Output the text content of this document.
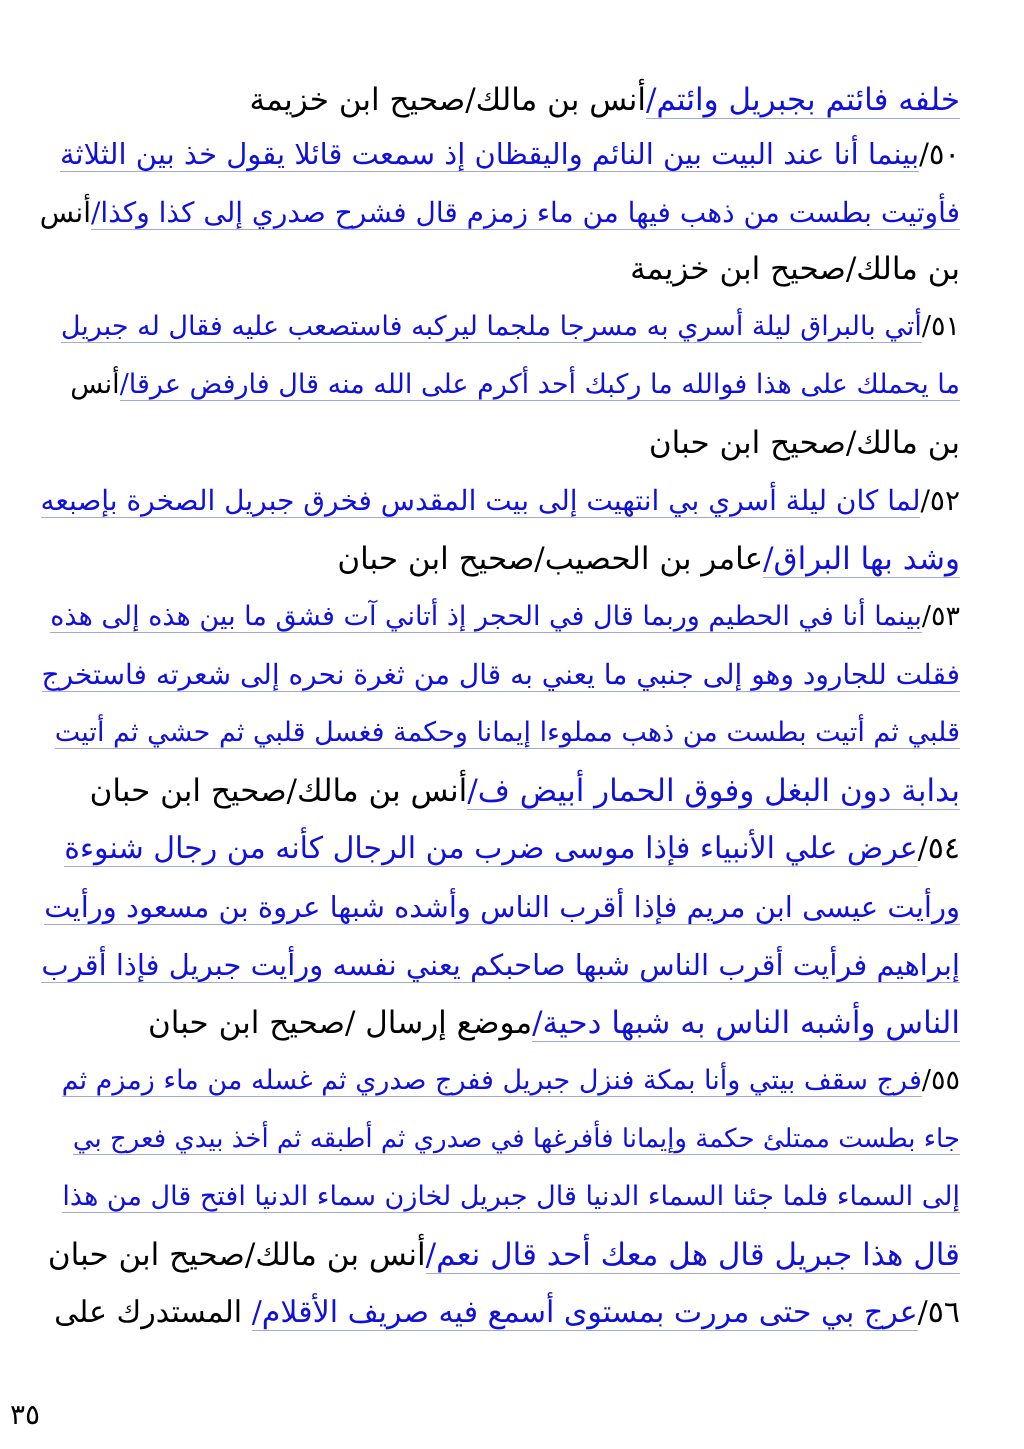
خلفه فائتم بجبريل وائتم/أنس بن مالك/صحيح ابن خزيمة
٥٠/بينما أنا عند البيت بين النائم واليقظان إذ سمعت قائلا يقول خذ بين الثلاثة
فأوتيت بطست من ذهب فيها من ماء زمزم قال فشرح صدري إلى كذا وكذا/أنس
بن مالك/صحيح ابن خزيمة
٥١/أتي بالبراق ليلة أسري به مسرجا ملجما ليركبه فاستصعب عليه فقال له جبريل
ما يحملك على هذا فوالله ما ركبك أحد أكرم على الله منه قال فارفض عرقا/أنس
بن مالك/صحيح ابن حبان
٥٢/لما كان ليلة أسري بي انتهيت إلى بيت المقدس فخرق جبريل الصخرة بإصبعه
وشد بها البراق/عامر بن الحصيب/صحيح ابن حبان
٥٣/بينما أنا في الحطيم وربما قال في الحجر إذ أتاني آت فشق ما بين هذه إلى هذه
فقلت للجارود وهو إلى جنبي ما يعني به قال من ثغرة نحره إلى شعرته فاستخرج
قلبي ثم أتيت بطست من ذهب مملوءا إيمانا وحكمة فغسل قلبي ثم حشي ثم أتيت
بدابة دون البغل وفوق الحمار أبيض ف/أنس بن مالك/صحيح ابن حبان
٥٤/عرض علي الأنبياء فإذا موسى ضرب من الرجال كأنه من رجال شنوءة
ورأيت عيسى ابن مريم فإذا أقرب الناس وأشده شبها عروة بن مسعود ورأيت
إبراهيم فرأيت أقرب الناس شبها صاحبكم يعني نفسه ورأيت جبريل فإذا أقرب
الناس وأشبه الناس به شبها دحية/موضع إرسال /صحيح ابن حبان
٥٥/فرج سقف بيتي وأنا بمكة فنزل جبريل ففرج صدري ثم غسله من ماء زمزم ثم
جاء بطست ممتلئ حكمة وإيمانا فأفرغها في صدري ثم أطبقه ثم أخذ بيدي فعرج بي
إلى السماء فلما جئنا السماء الدنيا قال جبريل لخازن سماء الدنيا افتح قال من هذا
قال هذا جبريل قال هل معك أحد قال نعم/أنس بن مالك/صحيح ابن حبان
٥٦/عرج بي حتى مررت بمستوى أسمع فيه صريف الأقلام/ المستدرك على
٣٥
